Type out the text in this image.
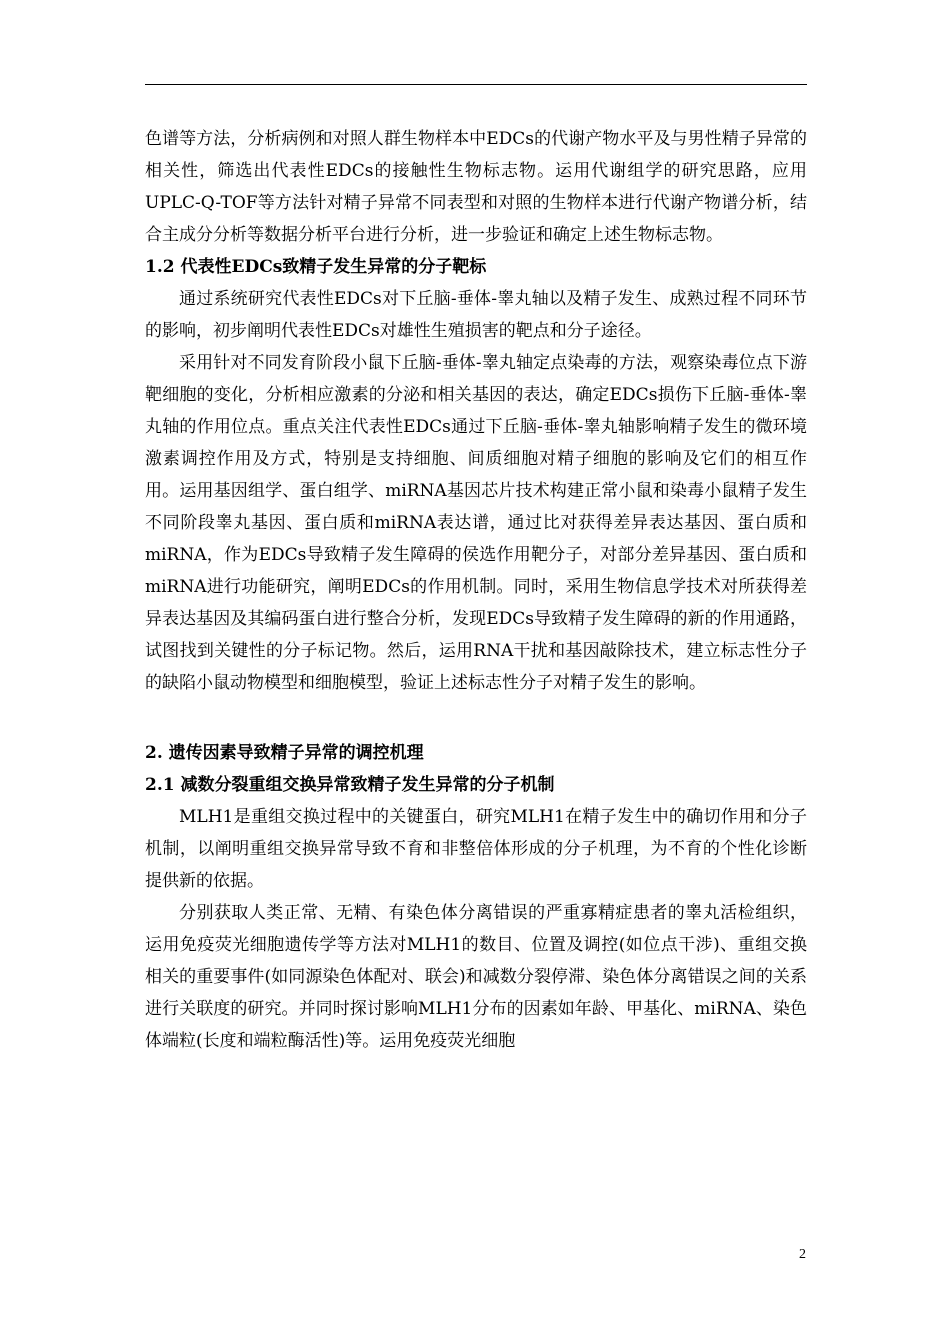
色谱等方法，分析病例和对照人群生物样本中EDCs的代谢产物水平及与男性精子异常的相关性，筛选出代表性EDCs的接触性生物标志物。运用代谢组学的研究思路，应用UPLC-Q-TOF等方法针对精子异常不同表型和对照的生物样本进行代谢产物谱分析，结合主成分分析等数据分析平台进行分析，进一步验证和确定上述生物标志物。

1.2 代表性EDCs致精子发生异常的分子靶标

通过系统研究代表性EDCs对下丘脑-垂体-睾丸轴以及精子发生、成熟过程不同环节的影响，初步阐明代表性EDCs对雄性生殖损害的靶点和分子途径。

采用针对不同发育阶段小鼠下丘脑-垂体-睾丸轴定点染毒的方法，观察染毒位点下游靶细胞的变化，分析相应激素的分泌和相关基因的表达，确定EDCs损伤下丘脑-垂体-睾丸轴的作用位点。重点关注代表性EDCs通过下丘脑-垂体-睾丸轴影响精子发生的微环境激素调控作用及方式，特别是支持细胞、间质细胞对精子细胞的影响及它们的相互作用。运用基因组学、蛋白组学、miRNA基因芯片技术构建正常小鼠和染毒小鼠精子发生不同阶段睾丸基因、蛋白质和miRNA表达谱，通过比对获得差异表达基因、蛋白质和miRNA，作为EDCs导致精子发生障碍的侯选作用靶分子，对部分差异基因、蛋白质和miRNA进行功能研究，阐明EDCs的作用机制。同时，采用生物信息学技术对所获得差异表达基因及其编码蛋白进行整合分析，发现EDCs导致精子发生障碍的新的作用通路，试图找到关键性的分子标记物。然后，运用RNA干扰和基因敲除技术，建立标志性分子的缺陷小鼠动物模型和细胞模型，验证上述标志性分子对精子发生的影响。

2. 遗传因素导致精子异常的调控机理

2.1 减数分裂重组交换异常致精子发生异常的分子机制

MLH1是重组交换过程中的关键蛋白，研究MLH1在精子发生中的确切作用和分子机制，以阐明重组交换异常导致不育和非整倍体形成的分子机理，为不育的个性化诊断提供新的依据。

分别获取人类正常、无精、有染色体分离错误的严重寡精症患者的睾丸活检组织，运用免疫荧光细胞遗传学等方法对MLH1的数目、位置及调控(如位点干涉)、重组交换相关的重要事件(如同源染色体配对、联会)和减数分裂停滞、染色体分离错误之间的关系进行关联度的研究。并同时探讨影响MLH1分布的因素如年龄、甲基化、miRNA、染色体端粒(长度和端粒酶活性)等。运用免疫荧光细胞

2
